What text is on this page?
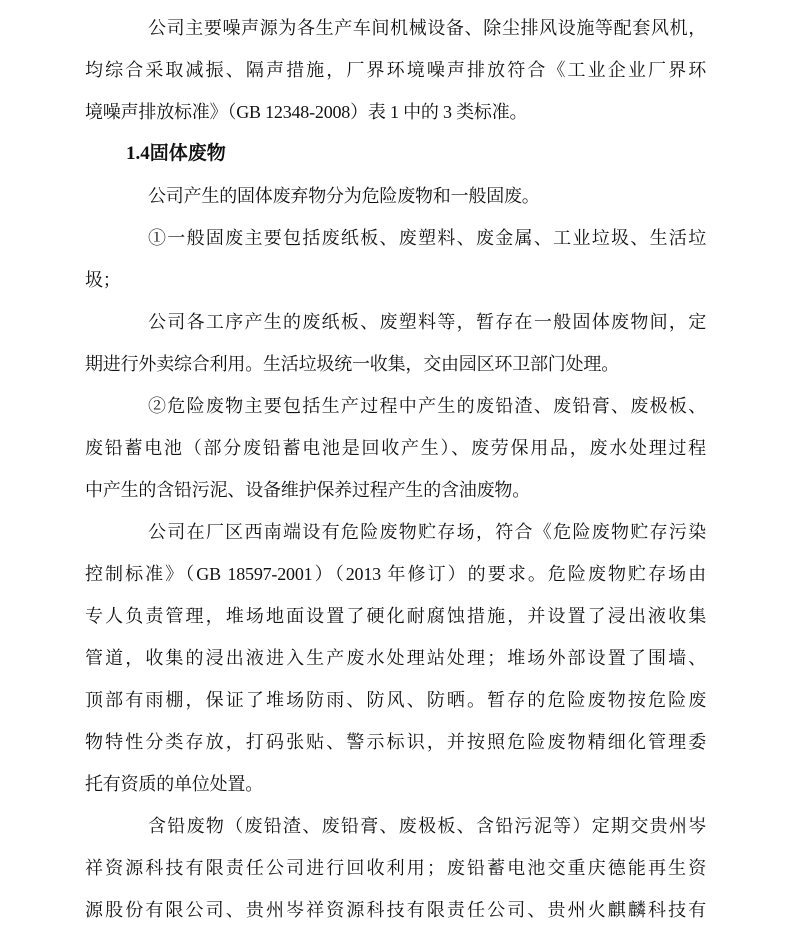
公司主要噪声源为各生产车间机械设备、除尘排风设施等配套风机，
均综合采取减振、隔声措施，厂界环境噪声排放符合《工业企业厂界环
境噪声排放标准》（GB 12348-2008）表 1 中的 3 类标准。
1.4固体废物
公司产生的固体废弃物分为危险废物和一般固废。
①一般固废主要包括废纸板、废塑料、废金属、工业垃圾、生活垃
圾；
公司各工序产生的废纸板、废塑料等，暂存在一般固体废物间，定
期进行外卖综合利用。生活垃圾统一收集，交由园区环卫部门处理。
②危险废物主要包括生产过程中产生的废铅渣、废铅膏、废极板、
废铅蓄电池（部分废铅蓄电池是回收产生）、废劳保用品，废水处理过程
中产生的含铅污泥、设备维护保养过程产生的含油废物。
公司在厂区西南端设有危险废物贮存场，符合《危险废物贮存污染
控制标准》（GB 18597-2001）（2013 年修订）的要求。危险废物贮存场由
专人负责管理，堆场地面设置了硬化耐腐蚀措施，并设置了浸出液收集
管道，收集的浸出液进入生产废水处理站处理；堆场外部设置了围墙、
顶部有雨棚，保证了堆场防雨、防风、防晒。暂存的危险废物按危险废
物特性分类存放，打码张贴、警示标识，并按照危险废物精细化管理委
托有资质的单位处置。
含铅废物（废铅渣、废铅膏、废极板、含铅污泥等）定期交贵州岑
祥资源科技有限责任公司进行回收利用；废铅蓄电池交重庆德能再生资
源股份有限公司、贵州岑祥资源科技有限责任公司、贵州火麒麟科技有
